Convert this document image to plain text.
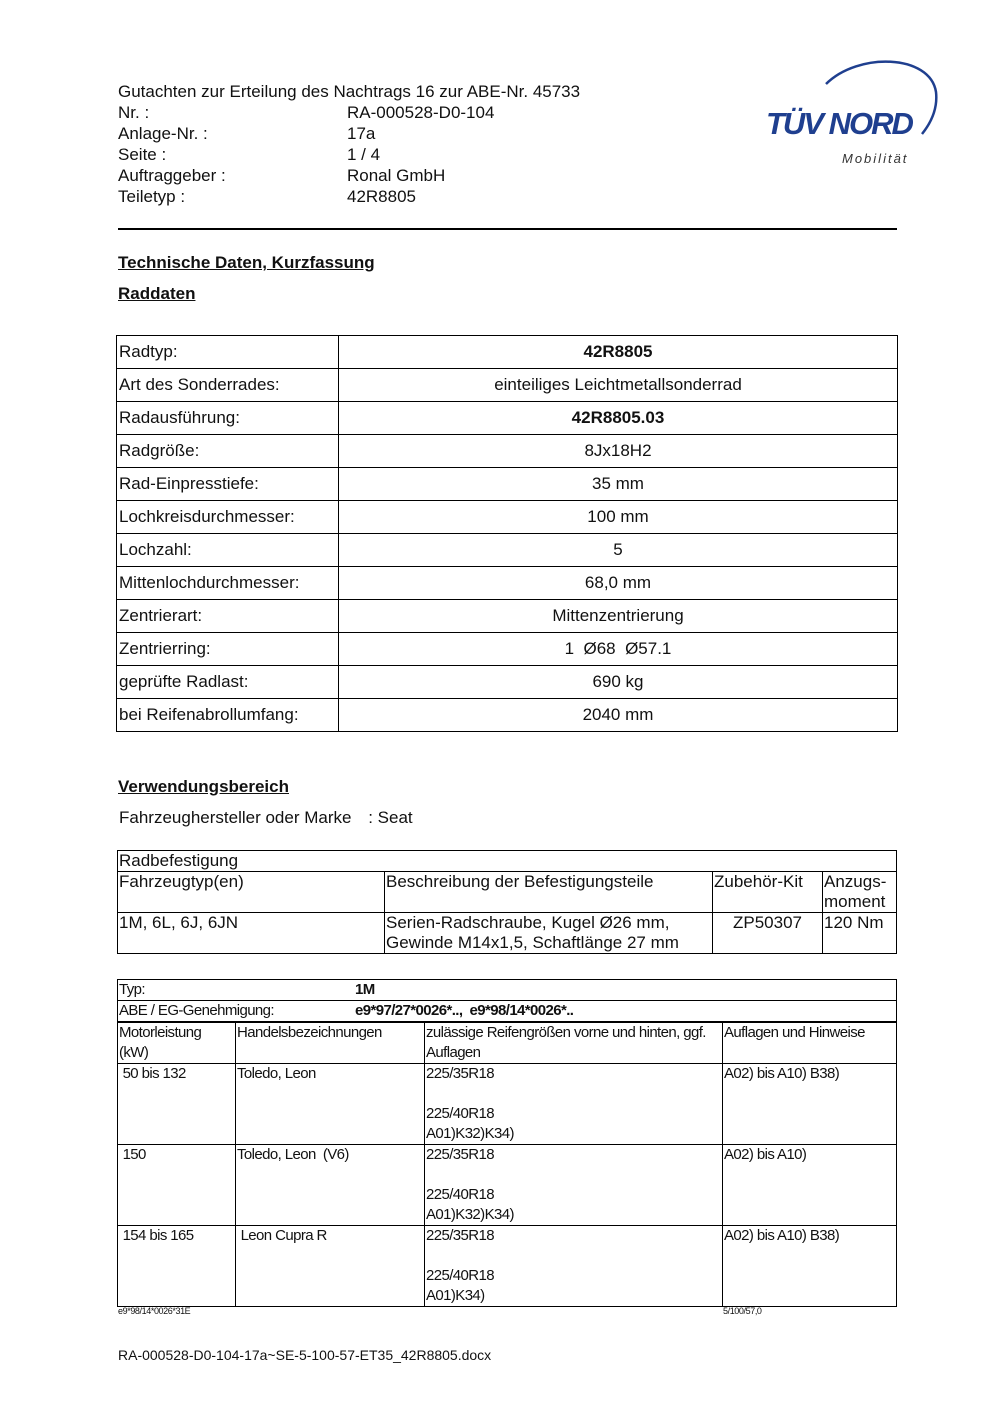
Gutachten zur Erteilung des Nachtrags 16 zur ABE-Nr. 45733
Nr. :	RA-000528-D0-104
Anlage-Nr. :	17a
Seite :	1 / 4
Auftraggeber :	Ronal GmbH
Teiletyp :	42R8805
TÜV NORD
Mobilität
Technische Daten, Kurzfassung
Raddaten
Radtyp:	42R8805
Art des Sonderrades:	einteiliges Leichtmetallsonderrad
Radausführung:	42R8805.03
Radgröße:	8Jx18H2
Rad-Einpresstiefe:	35 mm
Lochkreisdurchmesser:	100 mm
Lochzahl:	5
Mittenlochdurchmesser:	68,0 mm
Zentrierart:	Mittenzentrierung
Zentrierring:	1  Ø68  Ø57.1
geprüfte Radlast:	690 kg
bei Reifenabrollumfang:	2040 mm
Verwendungsbereich
Fahrzeughersteller oder Marke : Seat
Radbefestigung			
Fahrzeugtyp(en)	Beschreibung der Befestigungsteile	Zubehör-Kit	Anzugs-moment
1M, 6L, 6J, 6JN	Serien-Radschraube, Kugel Ø26 mm, Gewinde M14x1,5, Schaftlänge 27 mm	ZP50307	120 Nm
Typ: 1M			
ABE / EG-Genehmigung: e9*97/27*0026*..,  e9*98/14*0026*..			
Motorleistung (kW)	Handelsbezeichnungen	zulässige Reifengrößen vorne und hinten, ggf. Auflagen	Auflagen und Hinweise
50 bis 132	Toledo, Leon	225/35R18
225/40R18
A01)K32)K34)	A02) bis A10) B38)
150	Toledo, Leon  (V6)	225/35R18
225/40R18
A01)K32)K34)	A02) bis A10)
154 bis 165	Leon Cupra R	225/35R18
225/40R18
A01)K34)	A02) bis A10) B38)
e9*98/14*0026*31E	5/100/57,0
RA-000528-D0-104-17a~SE-5-100-57-ET35_42R8805.docx
